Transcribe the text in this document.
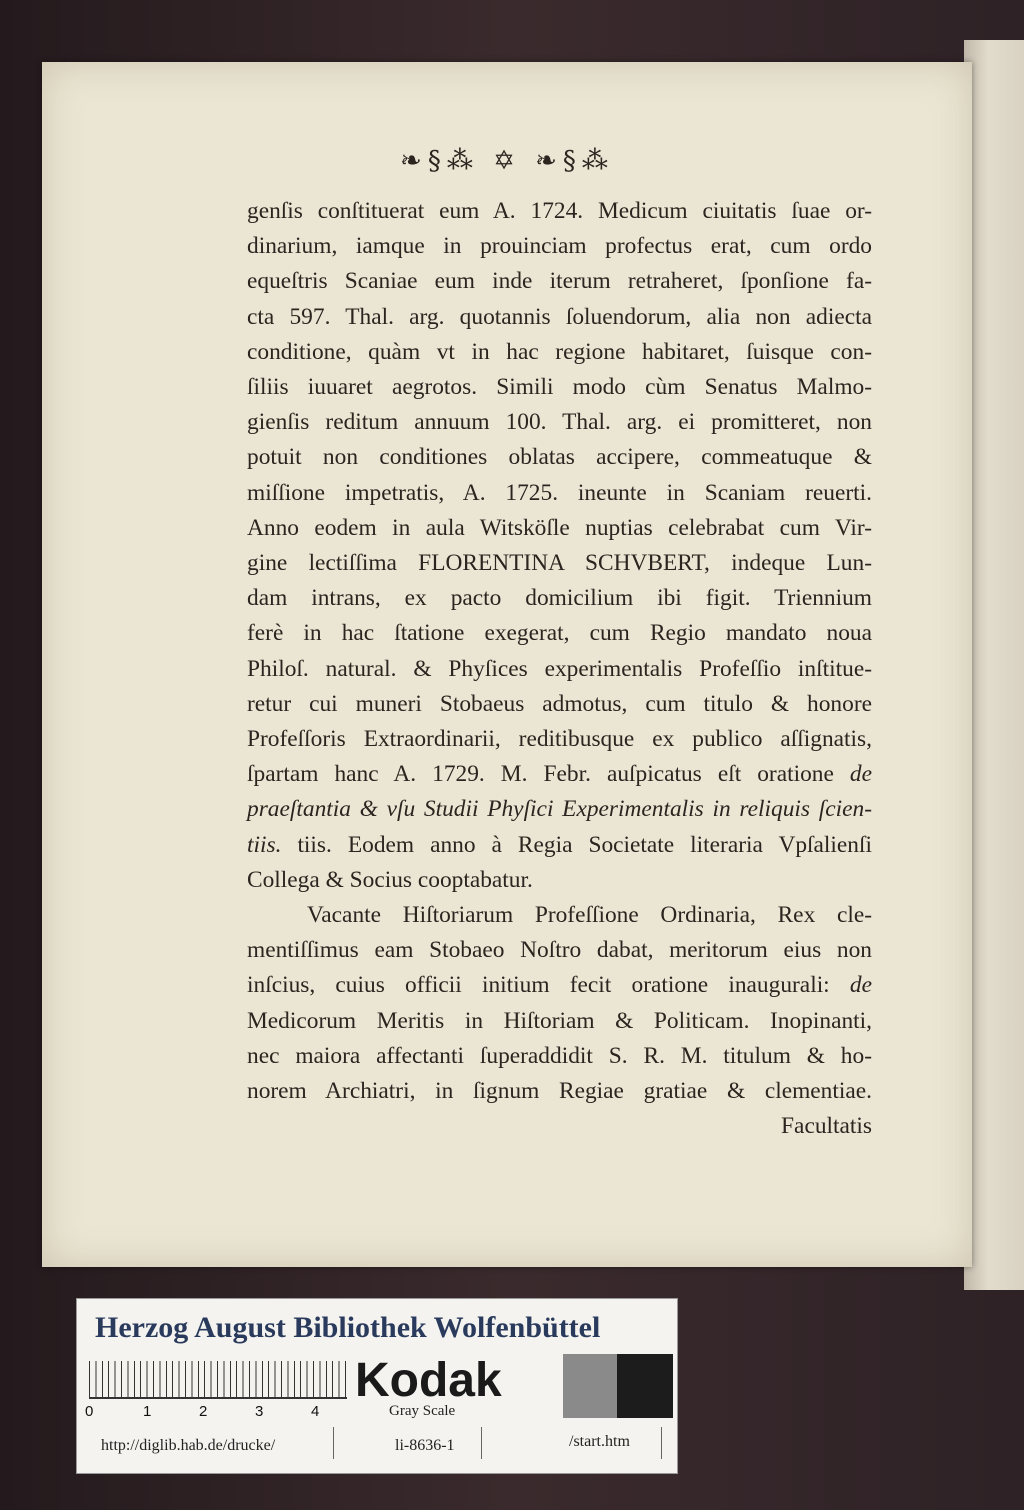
❧§⁂ ✡ ❧§⁂
genſis conſtituerat eum A. 1724. Medicum ciuitatis ſuae or-
dinarium, iamque in prouinciam profectus erat, cum ordo
equeſtris Scaniae eum inde iterum retraheret, ſponſione fa-
cta 597. Thal. arg. quotannis ſoluendorum, alia non adiecta
conditione, quàm vt in hac regione habitaret, ſuisque con-
ſiliis iuuaret aegrotos. Simili modo cùm Senatus Malmo-
gienſis reditum annuum 100. Thal. arg. ei promitteret, non
potuit non conditiones oblatas accipere, commeatuque &
miſſione impetratis, A. 1725. ineunte in Scaniam reuerti.
Anno eodem in aula Witsköſle nuptias celebrabat cum Vir-
gine lectiſſima FLORENTINA SCHVBERT, indeque Lun-
dam intrans, ex pacto domicilium ibi figit. Triennium
ferè in hac ſtatione exegerat, cum Regio mandato noua
Philoſ. natural. & Phyſices experimentalis Profeſſio inſtitue-
retur cui muneri Stobaeus admotus, cum titulo & honore
Profeſſoris Extraordinarii, reditibusque ex publico aſſignatis,
ſpartam hanc A. 1729. M. Febr. auſpicatus eſt oratione de
praeſtantia & vſu Studii Phyſici Experimentalis in reliquis ſcien-
tiis. tiis. Eodem anno à Regia Societate literaria Vpſalienſi
Collega & Socius cooptabatur.
Vacante Hiſtoriarum Profeſſione Ordinaria, Rex cle-
mentiſſimus eam Stobaeo Noſtro dabat, meritorum eius non
inſcius, cuius officii initium fecit oratione inaugurali: de
Medicorum Meritis in Hiſtoriam & Politicam. Inopinanti,
nec maiora affectanti ſuperaddidit S. R. M. titulum & ho-
norem Archiatri, in ſignum Regiae gratiae & clementiae.
Facultatis
Herzog August Bibliothek Wolfenbüttel
0	1	2	3	4
Kodak
Gray Scale
http://diglib.hab.de/drucke/	li-8636-1	/start.htm
